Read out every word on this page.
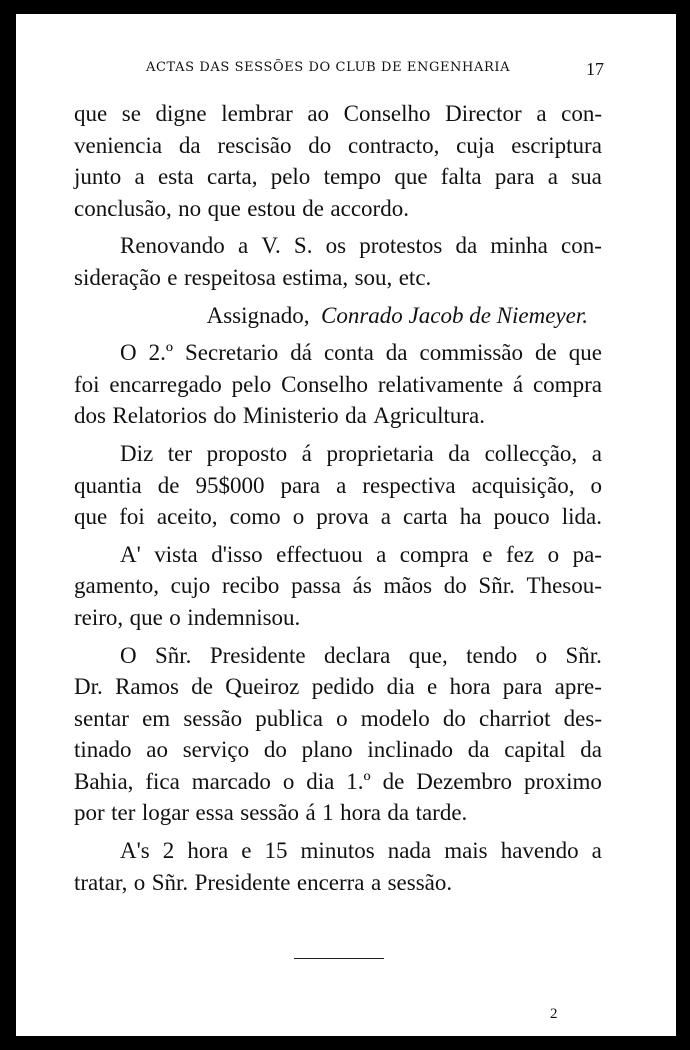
ACTAS DAS SESSÕES DO CLUB DE ENGENHARIA	17
que se digne lembrar ao Conselho Director a con-
veniencia da rescisão do contracto, cuja escriptura
junto a esta carta, pelo tempo que falta para a sua
conclusão, no que estou de accordo.
Renovando a V. S. os protestos da minha con-
sideração e respeitosa estima, sou, etc.
Assignado,
Conrado Jacob de Niemeyer.
O 2.º Secretario dá conta da commissão de que
foi encarregado pelo Conselho relativamente á compra
dos Relatorios do Ministerio da Agricultura.
Diz ter proposto á proprietaria da collecção, a
quantia de 95$000 para a respectiva acquisição, o
que foi aceito, como o prova a carta ha pouco lida.
A' vista d'isso effectuou a compra e fez o pa-
gamento, cujo recibo passa ás mãos do Sñr. Thesou-
reiro, que o indemnisou.
O Sñr. Presidente declara que, tendo o Sñr.
Dr. Ramos de Queiroz pedido dia e hora para apre-
sentar em sessão publica o modelo do charriot des-
tinado ao serviço do plano inclinado da capital da
Bahia, fica marcado o dia 1.º de Dezembro proximo
por ter logar essa sessão á 1 hora da tarde.
A's 2 hora e 15 minutos nada mais havendo a
tratar, o Sñr. Presidente encerra a sessão.
2
